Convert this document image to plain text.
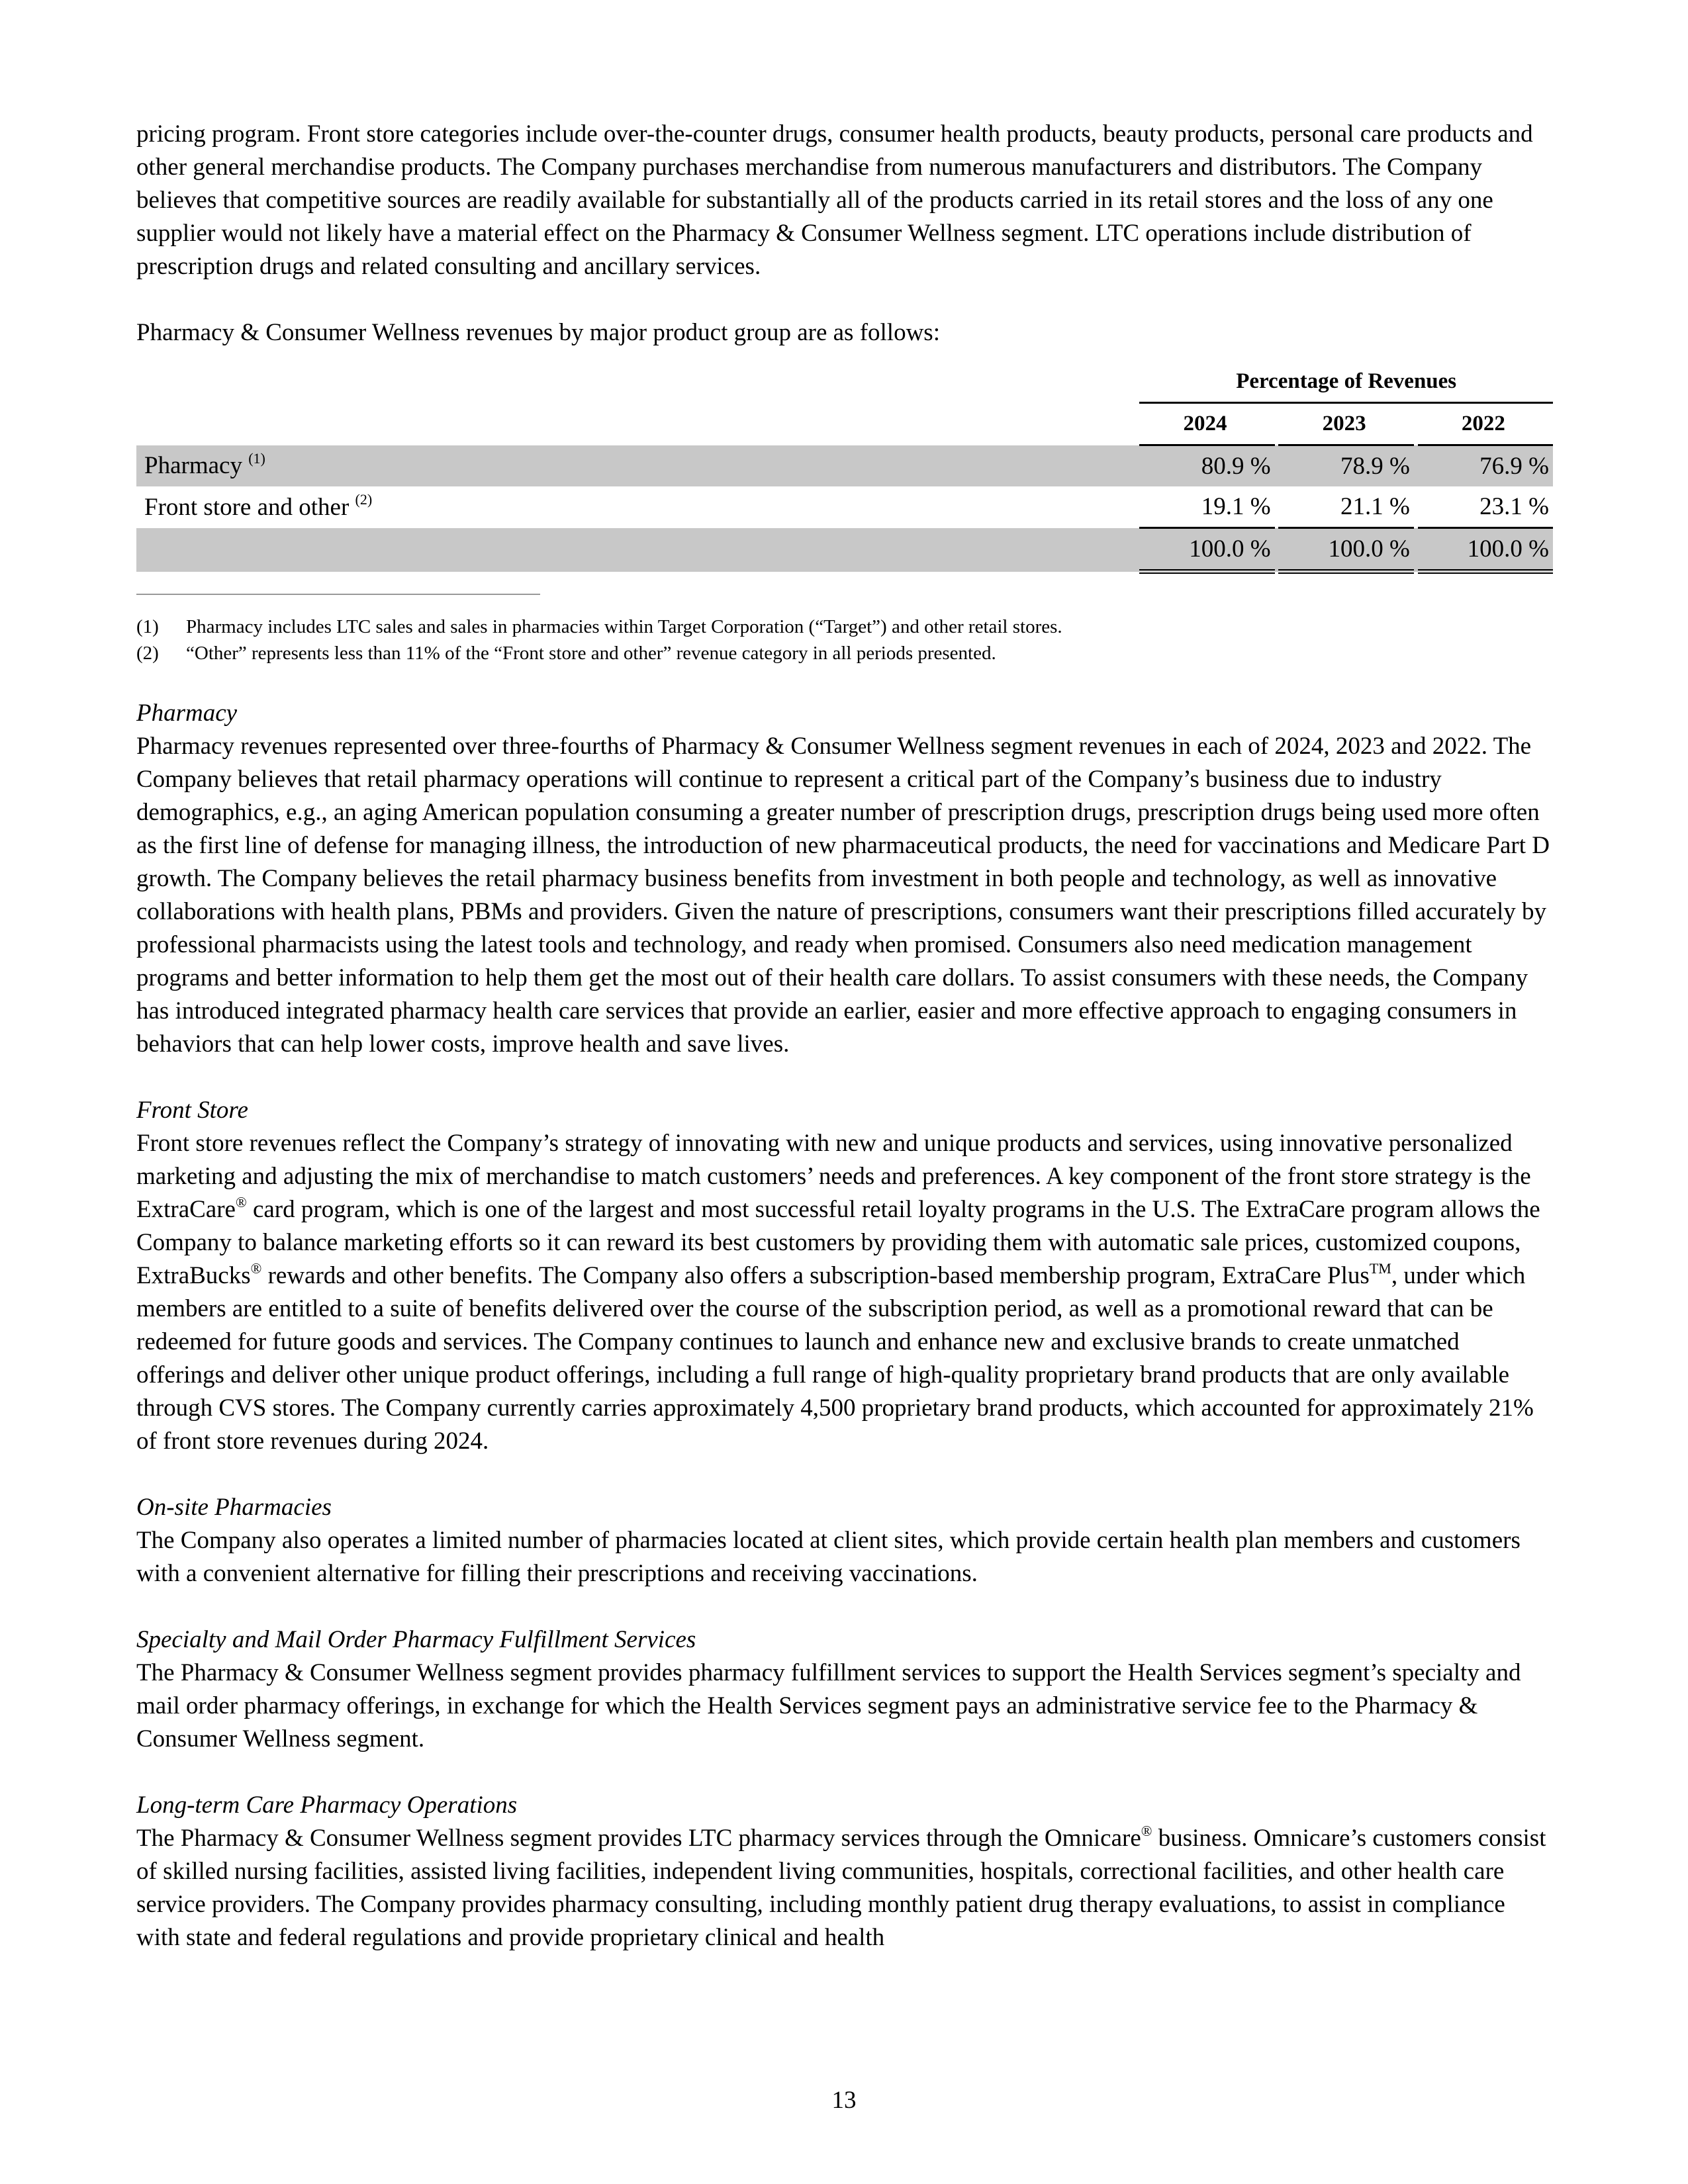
pricing program. Front store categories include over-the-counter drugs, consumer health products, beauty products, personal care products and other general merchandise products. The Company purchases merchandise from numerous manufacturers and distributors. The Company believes that competitive sources are readily available for substantially all of the products carried in its retail stores and the loss of any one supplier would not likely have a material effect on the Pharmacy & Consumer Wellness segment. LTC operations include distribution of prescription drugs and related consulting and ancillary services.

Pharmacy & Consumer Wellness revenues by major product group are as follows:

	Percentage of Revenues				
	2024		2023		2022
Pharmacy $^{(1)}$	80.9 %		78.9 %		76.9 %
Front store and other $^{(2)}$	19.1 %		21.1 %		23.1 %
	100.0 %		100.0 %		100.0 %
(1)	Pharmacy includes LTC sales and sales in pharmacies within Target Corporation (“Target”) and other retail stores.
(2)	“Other” represents less than 11% of the “Front store and other” revenue category in all periods presented.

Pharmacy

Pharmacy revenues represented over three-fourths of Pharmacy & Consumer Wellness segment revenues in each of 2024, 2023 and 2022. The Company believes that retail pharmacy operations will continue to represent a critical part of the Company’s business due to industry demographics, e.g., an aging American population consuming a greater number of prescription drugs, prescription drugs being used more often as the first line of defense for managing illness, the introduction of new pharmaceutical products, the need for vaccinations and Medicare Part D growth. The Company believes the retail pharmacy business benefits from investment in both people and technology, as well as innovative collaborations with health plans, PBMs and providers. Given the nature of prescriptions, consumers want their prescriptions filled accurately by professional pharmacists using the latest tools and technology, and ready when promised. Consumers also need medication management programs and better information to help them get the most out of their health care dollars. To assist consumers with these needs, the Company has introduced integrated pharmacy health care services that provide an earlier, easier and more effective approach to engaging consumers in behaviors that can help lower costs, improve health and save lives.

Front Store

Front store revenues reflect the Company’s strategy of innovating with new and unique products and services, using innovative personalized marketing and adjusting the mix of merchandise to match customers’ needs and preferences. A key component of the front store strategy is the ExtraCare® card program, which is one of the largest and most successful retail loyalty programs in the U.S. The ExtraCare program allows the Company to balance marketing efforts so it can reward its best customers by providing them with automatic sale prices, customized coupons, ExtraBucks® rewards and other benefits. The Company also offers a subscription-based membership program, ExtraCare Plus™, under which members are entitled to a suite of benefits delivered over the course of the subscription period, as well as a promotional reward that can be redeemed for future goods and services. The Company continues to launch and enhance new and exclusive brands to create unmatched offerings and deliver other unique product offerings, including a full range of high-quality proprietary brand products that are only available through CVS stores. The Company currently carries approximately 4,500 proprietary brand products, which accounted for approximately 21% of front store revenues during 2024.

On-site Pharmacies

The Company also operates a limited number of pharmacies located at client sites, which provide certain health plan members and customers with a convenient alternative for filling their prescriptions and receiving vaccinations.

Specialty and Mail Order Pharmacy Fulfillment Services

The Pharmacy & Consumer Wellness segment provides pharmacy fulfillment services to support the Health Services segment’s specialty and mail order pharmacy offerings, in exchange for which the Health Services segment pays an administrative service fee to the Pharmacy & Consumer Wellness segment.

Long-term Care Pharmacy Operations

The Pharmacy & Consumer Wellness segment provides LTC pharmacy services through the Omnicare® business. Omnicare’s customers consist of skilled nursing facilities, assisted living facilities, independent living communities, hospitals, correctional facilities, and other health care service providers. The Company provides pharmacy consulting, including monthly patient drug therapy evaluations, to assist in compliance with state and federal regulations and provide proprietary clinical and health

13
